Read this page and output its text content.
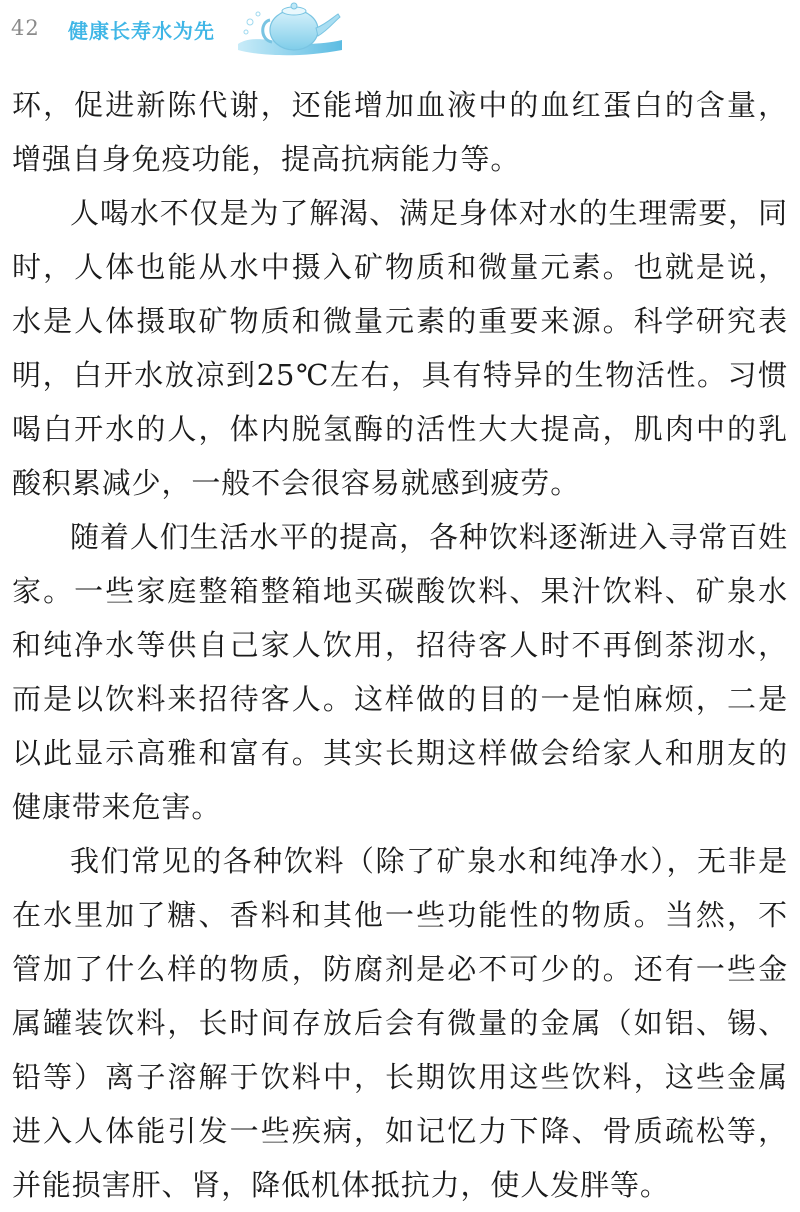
42 健康长寿水为先

环，促进新陈代谢，还能增加血液中的血红蛋白的含量，增强自身免疫功能，提高抗病能力等。

人喝水不仅是为了解渴、满足身体对水的生理需要，同时，人体也能从水中摄入矿物质和微量元素。也就是说，水是人体摄取矿物质和微量元素的重要来源。科学研究表明，白开水放凉到25℃左右，具有特异的生物活性。习惯喝白开水的人，体内脱氢酶的活性大大提高，肌肉中的乳酸积累减少，一般不会很容易就感到疲劳。

随着人们生活水平的提高，各种饮料逐渐进入寻常百姓家。一些家庭整箱整箱地买碳酸饮料、果汁饮料、矿泉水和纯净水等供自己家人饮用，招待客人时不再倒茶沏水，而是以饮料来招待客人。这样做的目的一是怕麻烦，二是以此显示高雅和富有。其实长期这样做会给家人和朋友的健康带来危害。

我们常见的各种饮料（除了矿泉水和纯净水），无非是在水里加了糖、香料和其他一些功能性的物质。当然，不管加了什么样的物质，防腐剂是必不可少的。还有一些金属罐装饮料，长时间存放后会有微量的金属（如铝、锡、铅等）离子溶解于饮料中，长期饮用这些饮料，这些金属进入人体能引发一些疾病，如记忆力下降、骨质疏松等，并能损害肝、肾，降低机体抵抗力，使人发胖等。
